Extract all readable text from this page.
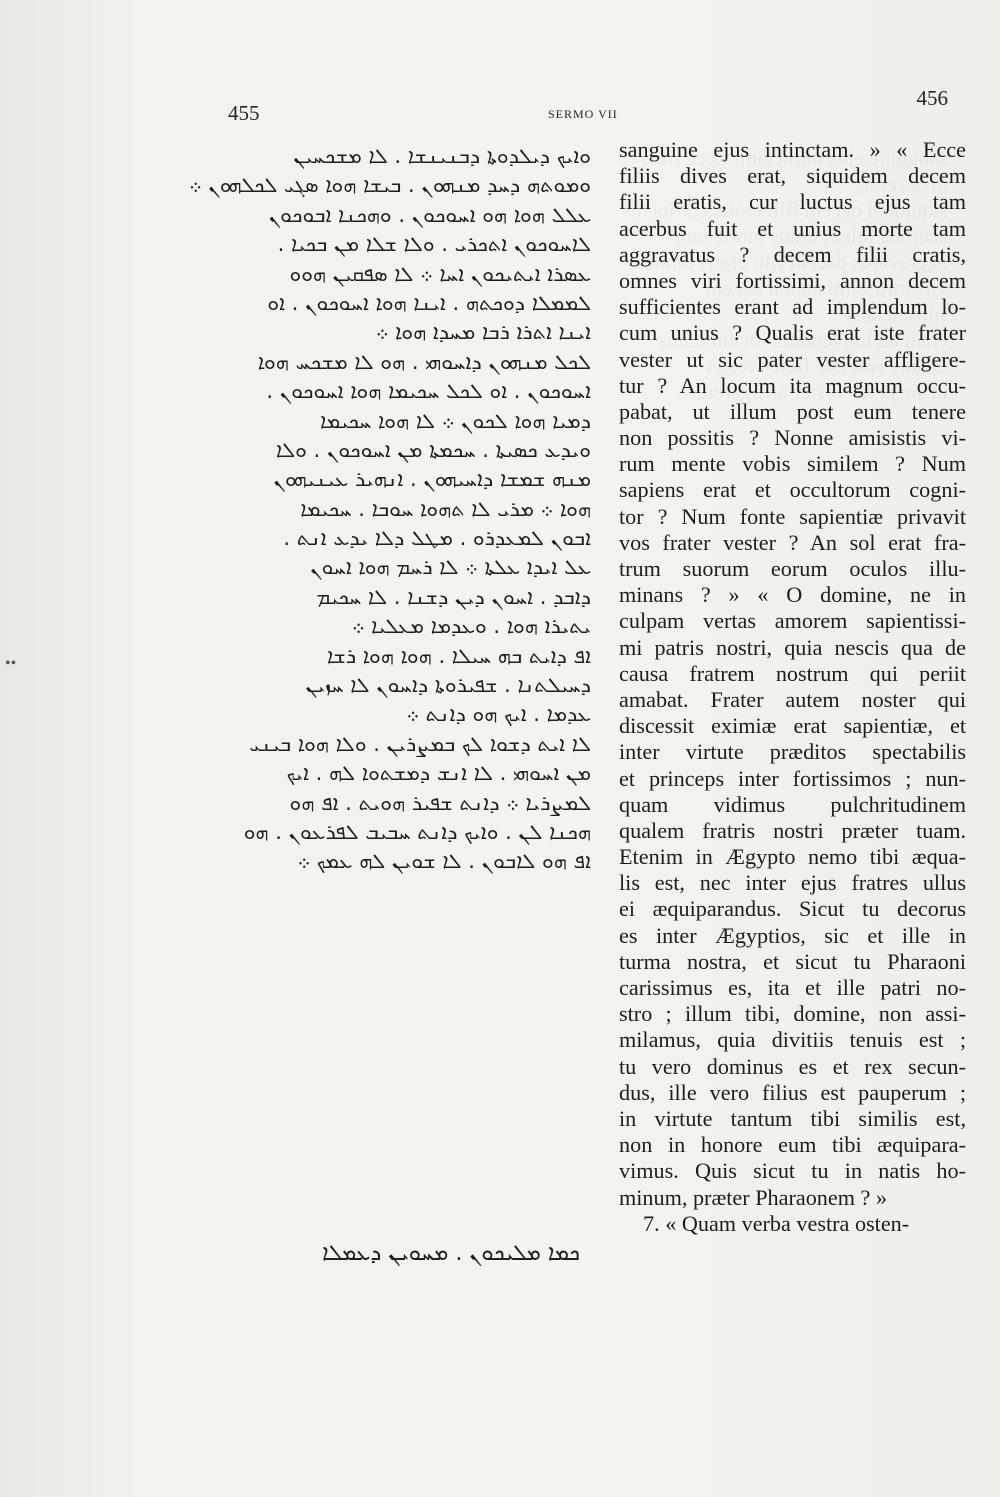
455	SERMO VII
456
••
ܘܐܝܟ ܕܝܠܕܘܬܐ ܕܒܢܝܢܫܐ . ܠܐ ܡܫܟܚܝܢ
ܘܡܘܬܗ ܕܚܕ ܡܢܗܘܢ . ܒܝܫܐ ܗܘܐ ܣܓܝ ܠܟܠܗܘܢ ܀
ܥܠܠ ܗܘܐ ܗܘ ܐܚܘܟܘܢ . ܘܗܟܢܐ ܐܒܘܟܘܢ
ܠܐܚܘܟܘܢ ܐܬܟܪܝ . ܘܠܐ ܫܠܐ ܡܢ ܒܟܝܐ .
ܥܣܪܐ ܐܝܬܝܟܘܢ ܐܚܐ ܀ ܠܐ ܣܦܩܝܢ ܗܘܘ
ܠܡܡܠܐ ܕܘܟܬܗ . ܐܝܢܐ ܗܘܐ ܐܚܘܟܘܢ . ܐܘ
ܐܝܢܐ ܐܬܪܐ ܪܒܐ ܡܚܕܐ ܗܘܐ ܀
ܠܟܠ ܡܢܗܘܢ ܕܐܚܘܗܝ . ܗܘ ܠܐ ܡܫܟܚ ܗܘܐ
ܐܚܘܟܘܢ . ܐܘ ܠܟܠ ܚܟܝܡܐ ܗܘܐ ܐܚܘܟܘܢ .
ܕܡܝܐ ܗܘܐ ܠܟܘܢ ܀ ܠܐ ܗܘܐ ܚܟܝܡܐ
ܘܝܕܥ ܟܣܝܬܐ . ܚܟܡܬܐ ܡܢ ܐܚܘܟܘܢ . ܘܠܐ
ܡܢܗ ܫܡܫܐ ܕܐܚܝܗܘܢ . ܐܢܗܝܪ ܥܝܢܝܗܘܢ
ܗܘܐ ܀ ܡܪܝ ܠܐ ܬܗܘܐ ܚܘܒܐ . ܚܟܝܡܐ
ܐܒܘܢ ܠܡܥܕܪܘ . ܡܛܠ ܕܠܐ ܝܕܥ ܐܢܬ .
ܥܠ ܐܝܕܐ ܥܠܬܐ ܀ ܠܐ ܪܚܡ ܗܘܐ ܐܚܘܢ
ܕܐܒܕ . ܐܚܘܢ ܕܝܢ ܕܫܢܐ . ܠܐ ܚܟܝܡ
ܝܬܝܪܐ ܗܘܐ . ܘܥܕܡܐ ܡܥܠܝܐ ܀
ܐܦ ܕܐܝܬ ܒܗ ܚܝܠܐ . ܗܘܐ ܗܘܐ ܪܫܐ
ܕܚܝܠܬܢܐ . ܫܦܝܪܘܬܐ ܕܐܚܘܢ ܠܐ ܚܙܝܢ
ܥܕܡܐ . ܐܝܟ ܗܘ ܕܐܢܬ ܀
ܠܐ ܐܝܬ ܕܫܘܐ ܠܟ ܒܡܨܪܝܢ . ܘܠܐ ܗܘܐ ܒܝܢܝ
ܡܢ ܐܚܘܗܝ . ܠܐ ܐܢܫ ܕܡܫܬܘܐ ܠܗ . ܐܝܟ
ܠܡܨܪܝܐ ܀ ܕܐܢܬ ܫܦܝܪ ܗܘܝܬ . ܐܦ ܗܘ
ܗܟܢܐ ܠܢ . ܘܐܝܟ ܕܐܢܬ ܚܒܝܒ ܠܦܪܥܘܢ . ܗܘ
ܐܦ ܗܘ ܠܐܒܘܢ . ܠܐ ܫܘܝܢ ܠܗ ܥܡܟ ܀
sanguine ejus intinctam. » « Ecce
filiis dives erat, siquidem decem
filii eratis, cur luctus ejus tam
acerbus fuit et unius morte tam
aggravatus ? decem filii cratis,
omnes viri fortissimi, annon decem
sufficientes erant ad implendum lo-
cum unius ? Qualis erat iste frater
vester ut sic pater vester affligere-
tur ? An locum ita magnum occu-
pabat, ut illum post eum tenere
non possitis ? Nonne amisistis vi-
rum mente vobis similem ? Num
sapiens erat et occultorum cogni-
tor ? Num fonte sapientiæ privavit
vos frater vester ? An sol erat fra-
trum suorum eorum oculos illu-
minans ? » « O domine, ne in
culpam vertas amorem sapientissi-
mi patris nostri, quia nescis qua de
causa fratrem nostrum qui periit
amabat. Frater autem noster qui
discessit eximiæ erat sapientiæ, et
inter virtute præditos spectabilis
et princeps inter fortissimos ; nun-
quam vidimus pulchritudinem
qualem fratris nostri præter tuam.
Etenim in Ægypto nemo tibi æqua-
lis est, nec inter ejus fratres ullus
ei æquiparandus. Sicut tu decorus
es inter Ægyptios, sic et ille in
turma nostra, et sicut tu Pharaoni
carissimus es, ita et ille patri no-
stro ; illum tibi, domine, non assi-
milamus, quia divitiis tenuis est ;
tu vero dominus es et rex secun-
dus, ille vero filius est pauperum ;
in virtute tantum tibi similis est,
non in honore eum tibi æquipara-
vimus. Quis sicut tu in natis ho-
minum, præter Pharaonem ? »
7. « Quam verba vestra osten-
ܟܡܐ ܡܠܝܟܘܢ . ܡܚܘܝܢ ܕܥܡܠܐ
